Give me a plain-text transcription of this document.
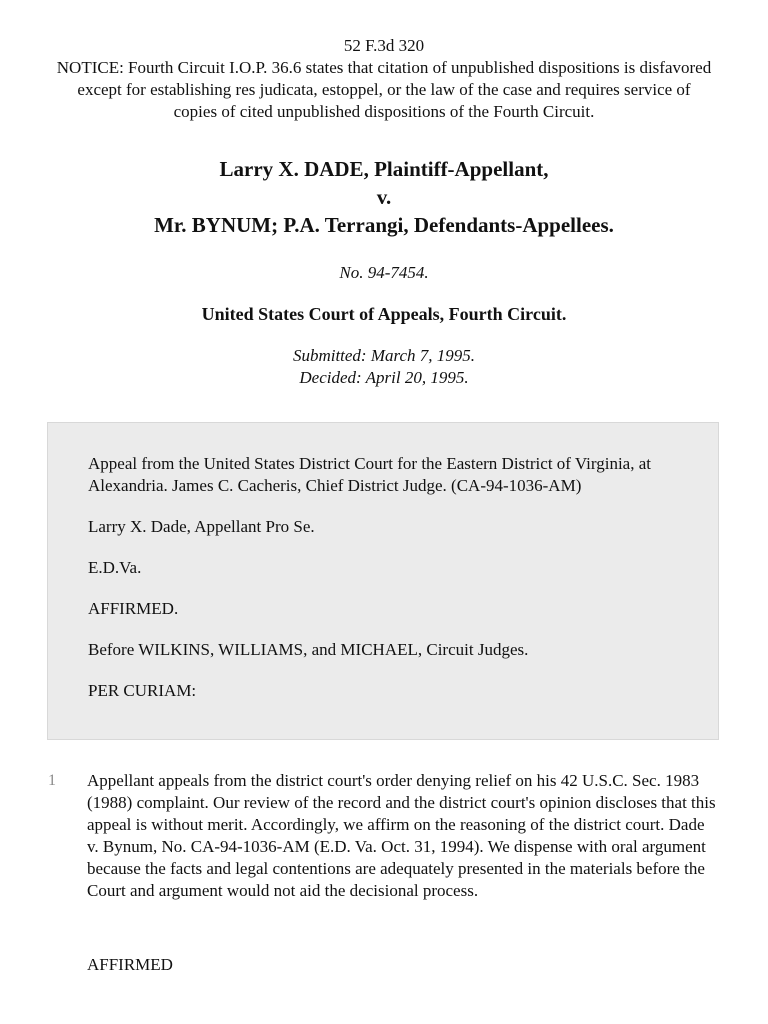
52 F.3d 320
NOTICE: Fourth Circuit I.O.P. 36.6 states that citation of unpublished dispositions is disfavored except for establishing res judicata, estoppel, or the law of the case and requires service of copies of cited unpublished dispositions of the Fourth Circuit.
Larry X. DADE, Plaintiff-Appellant,
v.
Mr. BYNUM; P.A. Terrangi, Defendants-Appellees.
No. 94-7454.
United States Court of Appeals, Fourth Circuit.
Submitted: March 7, 1995.
Decided: April 20, 1995.

Appeal from the United States District Court for the Eastern District of Virginia, at Alexandria. James C. Cacheris, Chief District Judge. (CA-94-1036-AM)

Larry X. Dade, Appellant Pro Se.

E.D.Va.

AFFIRMED.

Before WILKINS, WILLIAMS, and MICHAEL, Circuit Judges.

PER CURIAM:

1 Appellant appeals from the district court's order denying relief on his 42 U.S.C. Sec. 1983 (1988) complaint. Our review of the record and the district court's opinion discloses that this appeal is without merit. Accordingly, we affirm on the reasoning of the district court. Dade v. Bynum, No. CA-94-1036-AM (E.D. Va. Oct. 31, 1994). We dispense with oral argument because the facts and legal contentions are adequately presented in the materials before the Court and argument would not aid the decisional process.
AFFIRMED
